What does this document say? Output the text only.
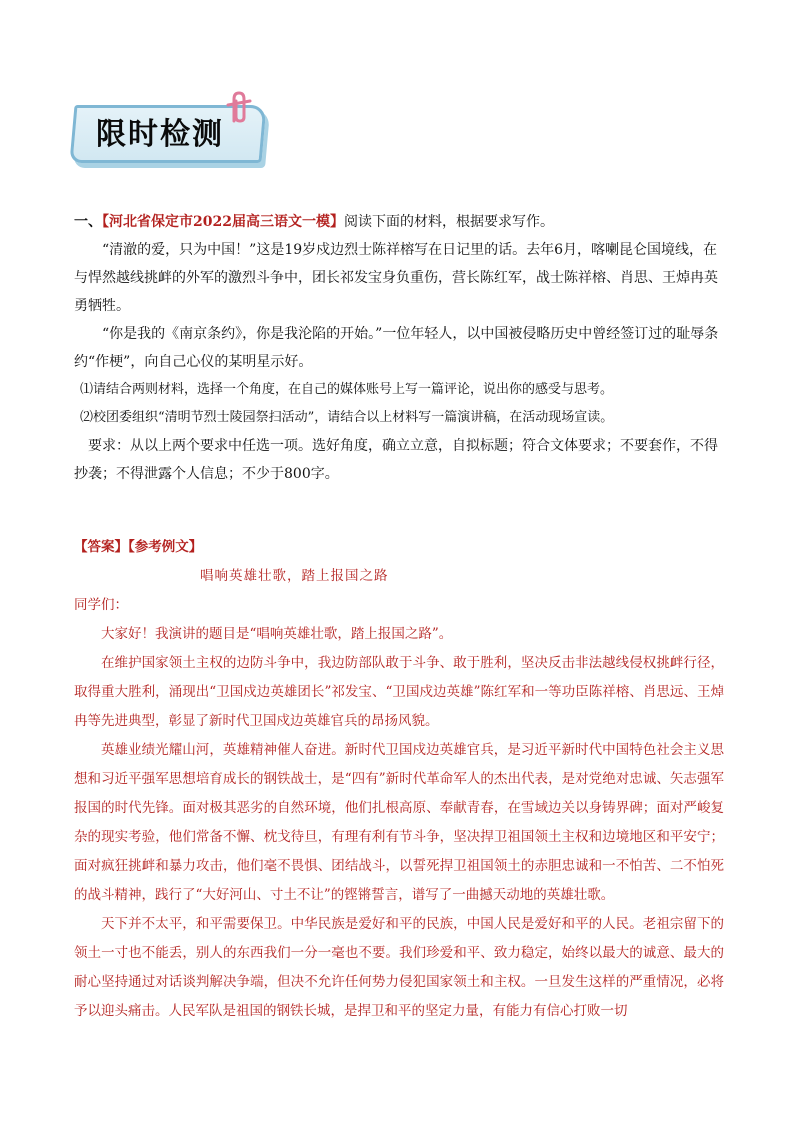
限时检测

一、【河北省保定市2022届高三语文一模】阅读下面的材料，根据要求写作。

“清澈的爱，只为中国！”这是19岁戍边烈士陈祥榕写在日记里的话。去年6月，喀喇昆仑国境线，在与悍然越线挑衅的外军的激烈斗争中，团长祁发宝身负重伤，营长陈红军，战士陈祥榕、肖思、王焯冉英勇牺牲。

“你是我的《南京条约》，你是我沦陷的开始。”一位年轻人，以中国被侵略历史中曾经签订过的耻辱条约“作梗”，向自己心仪的某明星示好。

⑴请结合两则材料，选择一个角度，在自己的媒体账号上写一篇评论，说出你的感受与思考。

⑵校团委组织“清明节烈士陵园祭扫活动”，请结合以上材料写一篇演讲稿，在活动现场宣读。

要求：从以上两个要求中任选一项。选好角度，确立立意，自拟标题；符合文体要求；不要套作，不得抄袭；不得泄露个人信息；不少于800字。

【答案】【参考例文】

唱响英雄壮歌，踏上报国之路

同学们：

大家好！我演讲的题目是“唱响英雄壮歌，踏上报国之路”。

在维护国家领土主权的边防斗争中，我边防部队敢于斗争、敢于胜利，坚决反击非法越线侵权挑衅行径，取得重大胜利，涌现出“卫国戍边英雄团长”祁发宝、“卫国戍边英雄”陈红军和一等功臣陈祥榕、肖思远、王焯冉等先进典型，彰显了新时代卫国戍边英雄官兵的昂扬风貌。

英雄业绩光耀山河，英雄精神催人奋进。新时代卫国戍边英雄官兵，是习近平新时代中国特色社会主义思想和习近平强军思想培育成长的钢铁战士，是“四有”新时代革命军人的杰出代表，是对党绝对忠诚、矢志强军报国的时代先锋。面对极其恶劣的自然环境，他们扎根高原、奉献青春，在雪域边关以身铸界碑；面对严峻复杂的现实考验，他们常备不懈、枕戈待旦，有理有利有节斗争，坚决捍卫祖国领土主权和边境地区和平安宁；面对疯狂挑衅和暴力攻击，他们毫不畏惧、团结战斗，以誓死捍卫祖国领土的赤胆忠诚和一不怕苦、二不怕死的战斗精神，践行了“大好河山、寸土不让”的铿锵誓言，谱写了一曲撼天动地的英雄壮歌。

天下并不太平，和平需要保卫。中华民族是爱好和平的民族，中国人民是爱好和平的人民。老祖宗留下的领土一寸也不能丢，别人的东西我们一分一毫也不要。我们珍爱和平、致力稳定，始终以最大的诚意、最大的耐心坚持通过对话谈判解决争端，但决不允许任何势力侵犯国家领土和主权。一旦发生这样的严重情况，必将予以迎头痛击。人民军队是祖国的钢铁长城，是捍卫和平的坚定力量，有能力有信心打败一切
